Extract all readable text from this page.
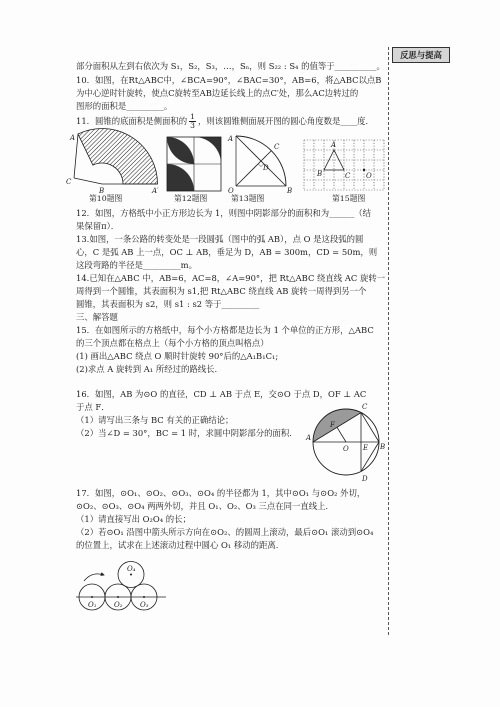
反思与提高
部分面积从左到右依次为 S₁，S₂，S₃，…，Sₙ，则 S₂₂ : S₄ 的值等于__________。
10．如图，在Rt△ABC中，∠BCA=90°，∠BAC=30°，AB=6，将△ABC以点B
为中心逆时针旋转，使点C旋转至AB边延长线上的点C′处，那么AC边转过的
图形的面积是_________。
11．圆锥的底面积是侧面积的 $\frac{1}{3}$ ，则该圆锥侧面展开图的圆心角度数是____度．
A
C
B	A′
A
C
D
O	B
A
B	C O
第10题图	第12题图	第13题图	第15题图
12．如图，方格纸中小正方形边长为 1，则图中阴影部分的面积和为______（结
果保留π）．
13.如图，一条公路的转变处是一段圆弧（图中的弧 AB），点 O 是这段弧的圆
心，C 是弧 AB 上一点，OC ⊥ AB，垂足为 D，AB = 300m，CD = 50m，则
这段弯路的半径是_________m。
14.已知在△ABC 中，AB=6，AC=8，∠A=90°，把 Rt△ABC 绕直线 AC 旋转一
周得到一个圆锥，其表面积为 s1,把 Rt△ABC 绕直线 AB 旋转一周得到另一个
圆锥，其表面积为 s2，则 s1 : s2 等于_________
三、解答题
15．在如图所示的方格纸中，每个小方格都是边长为 1 个单位的正方形，△ABC
的三个顶点都在格点上（每个小方格的顶点叫格点）
(1) 画出△ABC 绕点 O 顺时针旋转 90°后的△A₁B₁C₁;
(2)求点 A 旋转到 A₁ 所经过的路线长.
16．如图，AB 为⊙O 的直径，CD ⊥ AB 于点 E，交⊙O 于点 D，OF ⊥ AC
于点 F．
（1）请写出三条与 BC 有关的正确结论；
（2）当∠D = 30°，BC = 1 时，求圆中阴影部分的面积．
C
A
F
O E B
D
17．如图，⊙O₁、⊙O₂、⊙O₃、⊙O₄ 的半径都为 1，其中⊙O₁ 与⊙O₂ 外切，
⊙O₂、⊙O₃、⊙O₄ 两两外切，并且 O₁、O₂、O₃ 三点在同一直线上．
（1）请直接写出 O₂O₄ 的长；
（2）若⊙O₁ 沿图中箭头所示方向在⊙O₂、的圆周上滚动，最后⊙O₁ 滚动到⊙O₄
的位置上，试求在上述滚动过程中圆心 O₁ 移动的距离．
O₁ O₂ O₃
O₄
